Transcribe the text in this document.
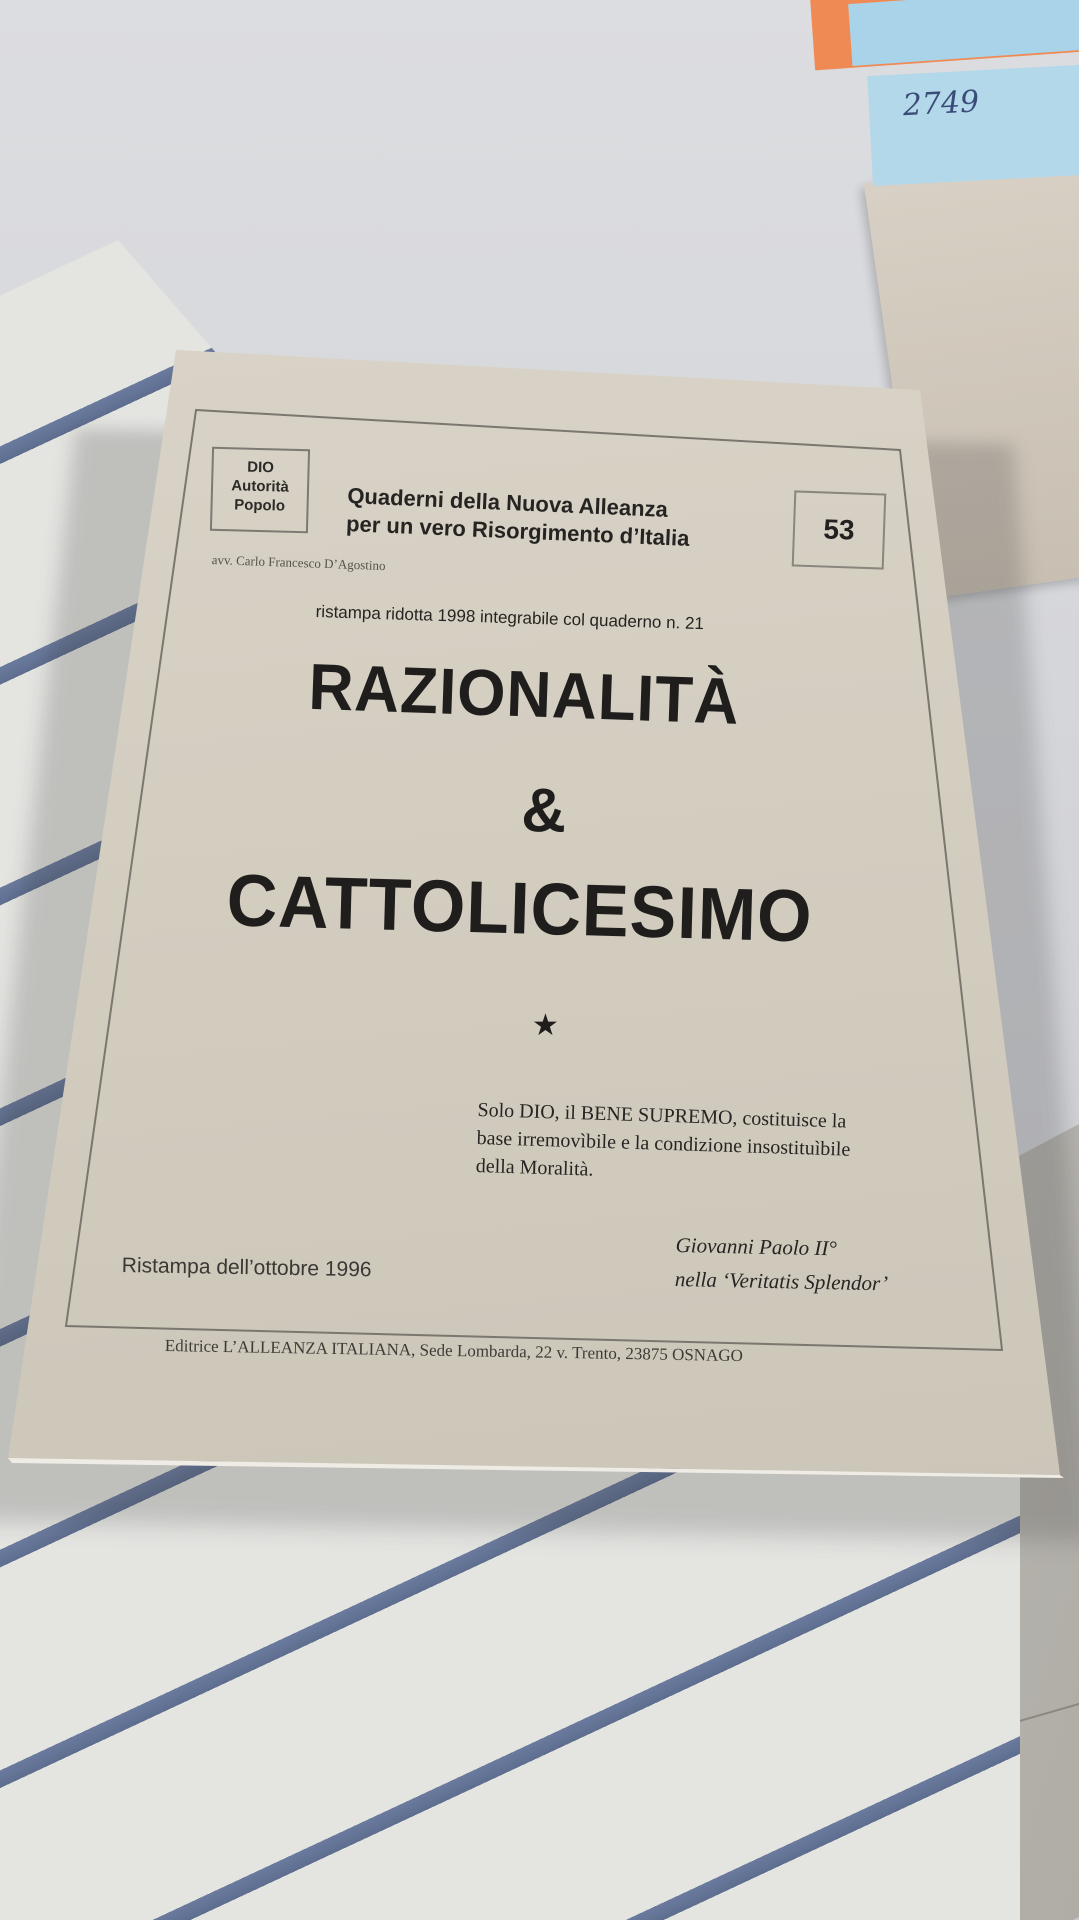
2749
DIO
Autorità
Popolo	Quaderni della Nuova Alleanza
per un vero Risorgimento d’Italia	53
avv. Carlo Francesco D’Agostino
ristampa ridotta 1998 integrabile col quaderno n. 21
RAZIONALITÀ
&
CATTOLICESIMO
★
Solo DIO, il BENE SUPREMO, costituisce la
base irremovìbile e la condizione insostituìbile
della Moralità.
Giovanni Paolo II°
nella ‘Veritatis Splendor’
Ristampa dell’ottobre 1996
Editrice L’ALLEANZA ITALIANA, Sede Lombarda, 22 v. Trento, 23875 OSNAGO
